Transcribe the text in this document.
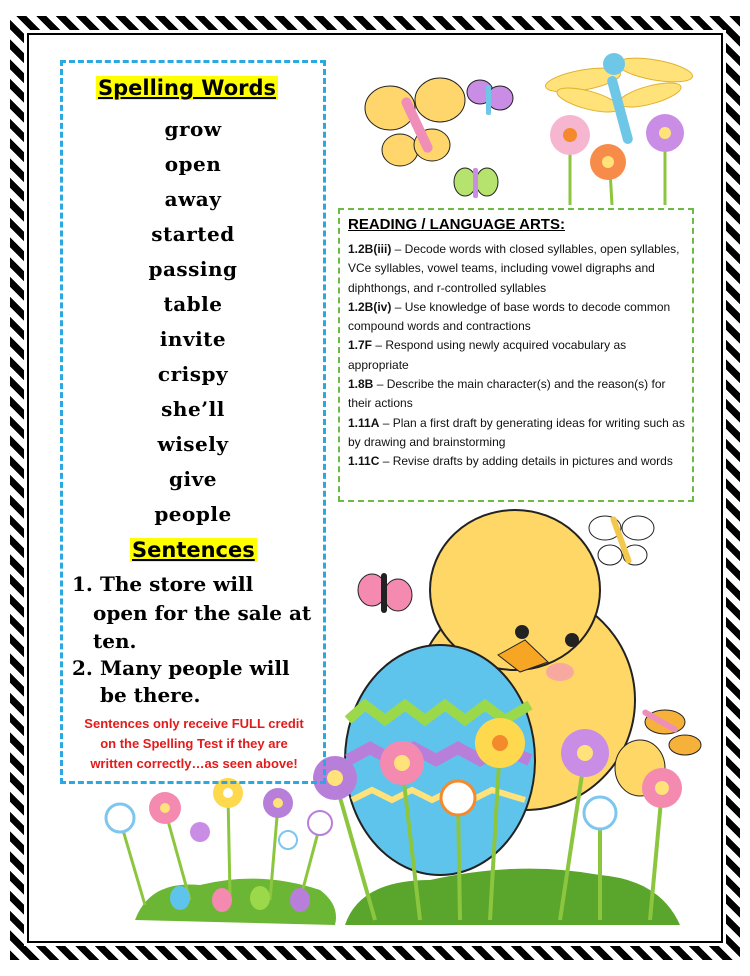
Spelling Words
grow
open
away
started
passing
table
invite
crispy
she’ll
wisely
give
people
Sentences
1. The store will
open for the sale at
ten.
2. Many people will
be there.
Sentences only receive FULL credit
on the Spelling Test if they are
written correctly…as seen above!
READING / LANGUAGE ARTS:
1.2B(iii) – Decode words with closed syllables, open syllables, VCe syllables, vowel teams, including vowel digraphs and diphthongs, and r-controlled syllables
1.2B(iv) – Use knowledge of base words to decode common compound words and contractions
1.7F – Respond using newly acquired vocabulary as appropriate
1.8B – Describe the main character(s) and the reason(s) for their actions
1.11A – Plan a first draft by generating ideas for writing such as by drawing and brainstorming
1.11C – Revise drafts by adding details in pictures and words
